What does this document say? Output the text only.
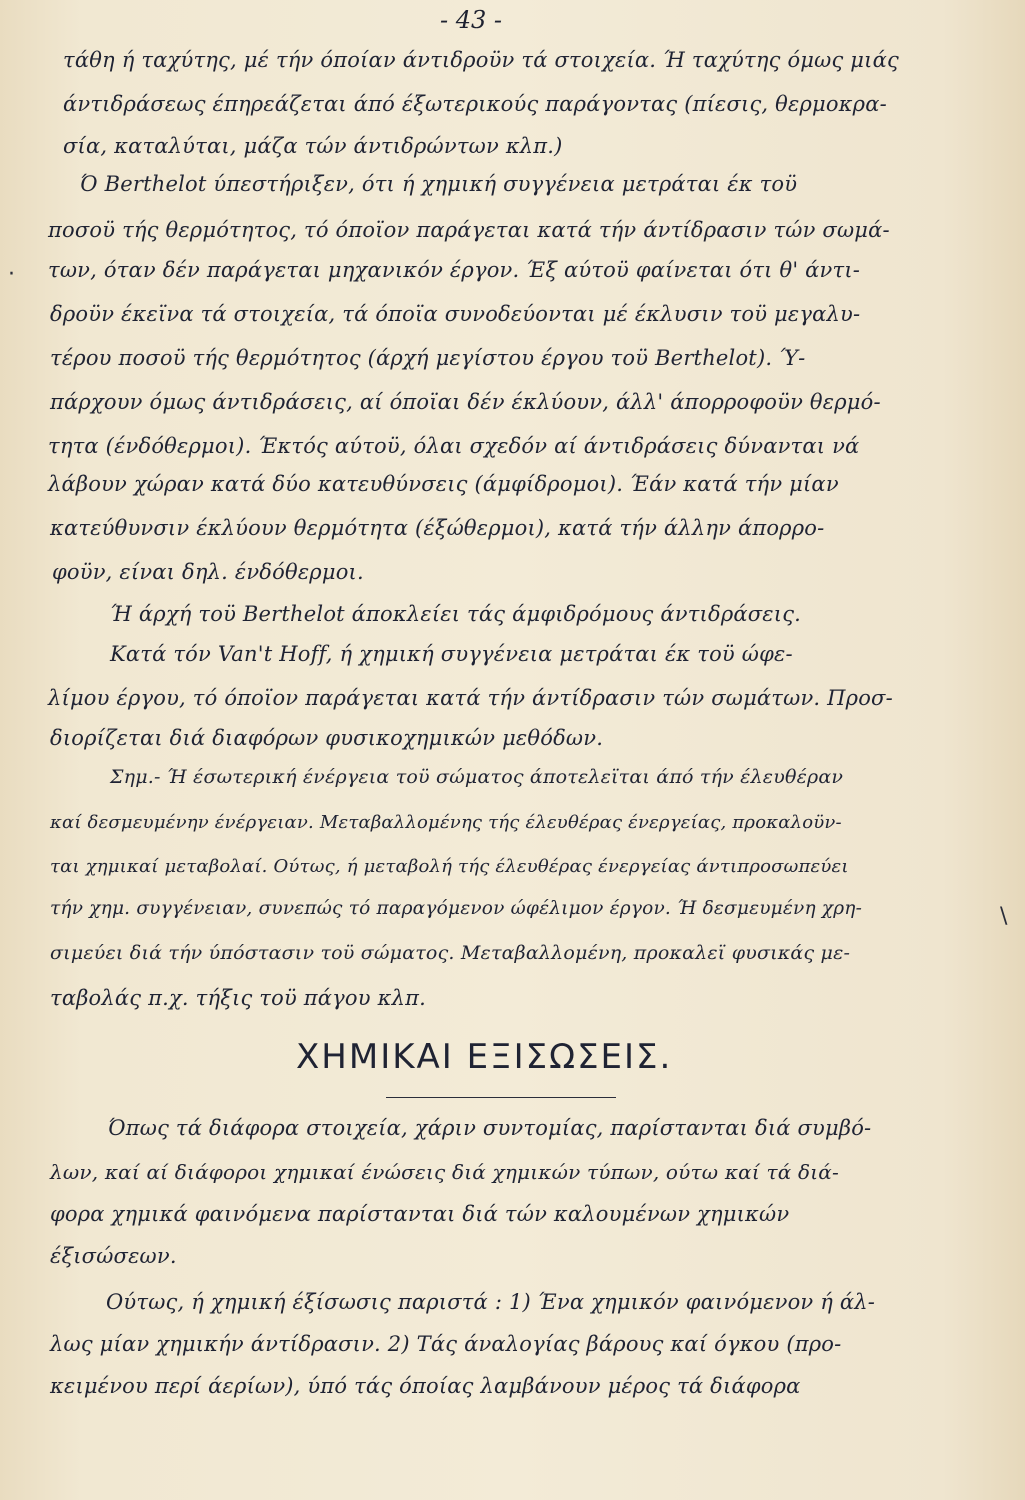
- 43 -
τάθη ή ταχύτης, μέ τήν όποίαν άντιδροϋν τά στοιχεία. Ή ταχύτης όμως μιάς
άντιδράσεως έπηρεάζεται άπό έξωτερικούς παράγοντας (πίεσις, θερμοκρα-
σία, καταλύται, μάζα τών άντιδρώντων κλπ.)
Ό Berthelot ύπεστήριξεν, ότι ή χημική συγγένεια μετράται έκ τοϋ
ποσοϋ τής θερμότητος, τό όποϊον παράγεται κατά τήν άντίδρασιν τών σωμά-
των, όταν δέν παράγεται μηχανικόν έργον. Έξ αύτοϋ φαίνεται ότι θ' άντι-
δροϋν έκεϊνα τά στοιχεία, τά όποϊα συνοδεύονται μέ έκλυσιν τοϋ μεγαλυ-
τέρου ποσοϋ τής θερμότητος (άρχή μεγίστου έργου τοϋ Berthelot). Ύ-
πάρχουν όμως άντιδράσεις, αί όποϊαι δέν έκλύουν, άλλ' άπορροφοϋν θερμό-
τητα (ένδόθερμοι). Έκτός αύτοϋ, όλαι σχεδόν αί άντιδράσεις δύνανται νά
λάβουν χώραν κατά δύο κατευθύνσεις (άμφίδρομοι). Έάν κατά τήν μίαν
κατεύθυνσιν έκλύουν θερμότητα (έξώθερμοι), κατά τήν άλλην άπορρο-
φοϋν, είναι δηλ. ένδόθερμοι.
Ή άρχή τοϋ Berthelot άποκλείει τάς άμφιδρόμους άντιδράσεις.
Κατά τόν Van't Hoff, ή χημική συγγένεια μετράται έκ τοϋ ώφε-
λίμου έργου, τό όποϊον παράγεται κατά τήν άντίδρασιν τών σωμάτων. Προσ-
διορίζεται διά διαφόρων φυσικοχημικών μεθόδων.
Σημ.- Ή έσωτερική ένέργεια τοϋ σώματος άποτελεϊται άπό τήν έλευθέραν
καί δεσμευμένην ένέργειαν. Μεταβαλλομένης τής έλευθέρας ένεργείας, προκαλοϋν-
ται χημικαί μεταβολαί. Ούτως, ή μεταβολή τής έλευθέρας ένεργείας άντιπροσωπεύει
τήν χημ. συγγένειαν, συνεπώς τό παραγόμενον ώφέλιμον έργον. Ή δεσμευμένη χρη-
σιμεύει διά τήν ύπόστασιν τοϋ σώματος. Μεταβαλλομένη, προκαλεϊ φυσικάς με-
ταβολάς π.χ. τήξις τοϋ πάγου κλπ.
ΧΗΜΙΚΑΙ ΕΞΙΣΩΣΕΙΣ.
Όπως τά διάφορα στοιχεία, χάριν συντομίας, παρίστανται διά συμβό-
λων, καί αί διάφοροι χημικαί ένώσεις διά χημικών τύπων, ούτω καί τά διά-
φορα χημικά φαινόμενα παρίστανται διά τών καλουμένων χημικών
έξισώσεων.
Ούτως, ή χημική έξίσωσις παριστά : 1) Ένα χημικόν φαινόμενον ή άλ-
λως μίαν χημικήν άντίδρασιν. 2) Τάς άναλογίας βάρους καί όγκου (προ-
κειμένου περί άερίων), ύπό τάς όποίας λαμβάνουν μέρος τά διάφορα
·
\
